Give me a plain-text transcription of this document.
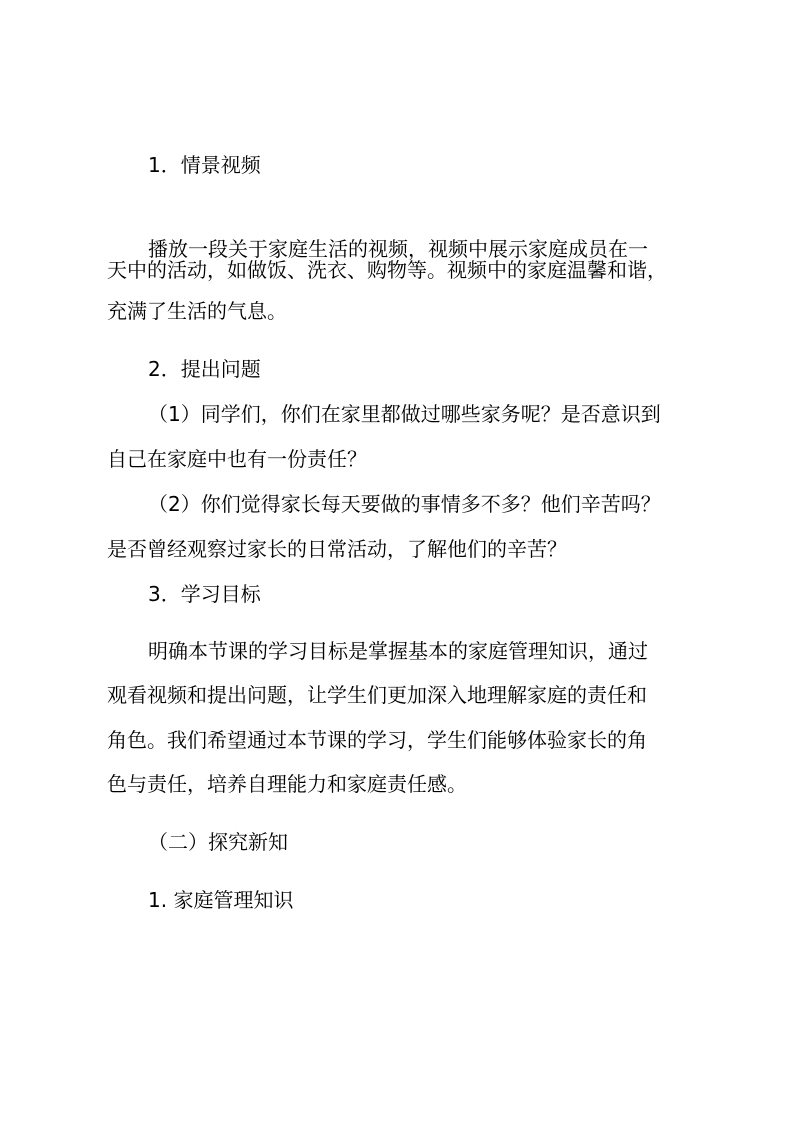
1．情景视频

播放一段关于家庭生活的视频，视频中展示家庭成员在一

天中的活动，如做饭、洗衣、购物等。视频中的家庭温馨和谐，

充满了生活的气息。

2．提出问题

（1）同学们，你们在家里都做过哪些家务呢？是否意识到

自己在家庭中也有一份责任？

（2）你们觉得家长每天要做的事情多不多？他们辛苦吗？

是否曾经观察过家长的日常活动，了解他们的辛苦？

3．学习目标

明确本节课的学习目标是掌握基本的家庭管理知识，通过

观看视频和提出问题，让学生们更加深入地理解家庭的责任和

角色。我们希望通过本节课的学习，学生们能够体验家长的角

色与责任，培养自理能力和家庭责任感。

（二）探究新知

1. 家庭管理知识
